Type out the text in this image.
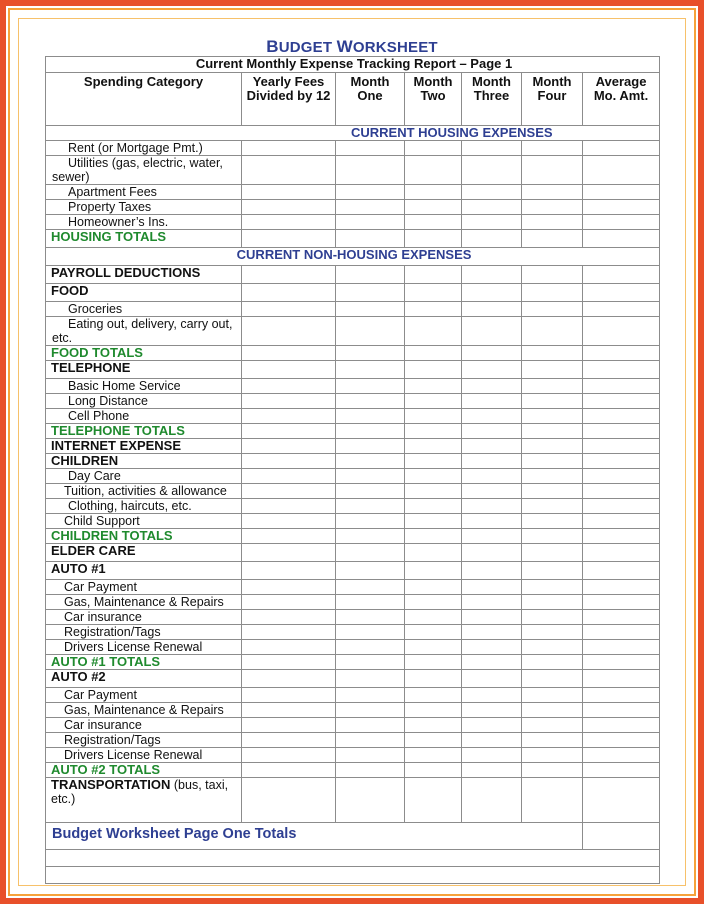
BUDGET WORKSHEET
Current Monthly Expense Tracking Report – Page 1						
Spending Category	Yearly Fees Divided by 12	Month One	Month Two	Month Three	Month Four	Average Mo. Amt.
	CURRENT HOUSING EXPENSES					
Rent (or Mortgage Pmt.)						
Utilities (gas, electric, water, sewer)						
Apartment Fees						
Property Taxes						
Homeowner’s Ins.						
HOUSING TOTALS						
CURRENT NON-HOUSING EXPENSES						
PAYROLL DEDUCTIONS						
FOOD						
Groceries						
Eating out, delivery, carry out, etc.						
FOOD TOTALS						
TELEPHONE						
Basic Home Service						
Long Distance						
Cell Phone						
TELEPHONE TOTALS						
INTERNET EXPENSE						
CHILDREN						
Day Care						
Tuition, activities & allowance						
Clothing, haircuts, etc.						
Child Support						
CHILDREN TOTALS						
ELDER CARE						
AUTO #1						
Car Payment						
Gas, Maintenance & Repairs						
Car insurance						
Registration/Tags						
Drivers License Renewal						
AUTO #1 TOTALS						
AUTO #2						
Car Payment						
Gas, Maintenance & Repairs						
Car insurance						
Registration/Tags						
Drivers License Renewal						
AUTO #2 TOTALS						
TRANSPORTATION (bus, taxi, etc.)						
Budget Worksheet Page One Totals						
